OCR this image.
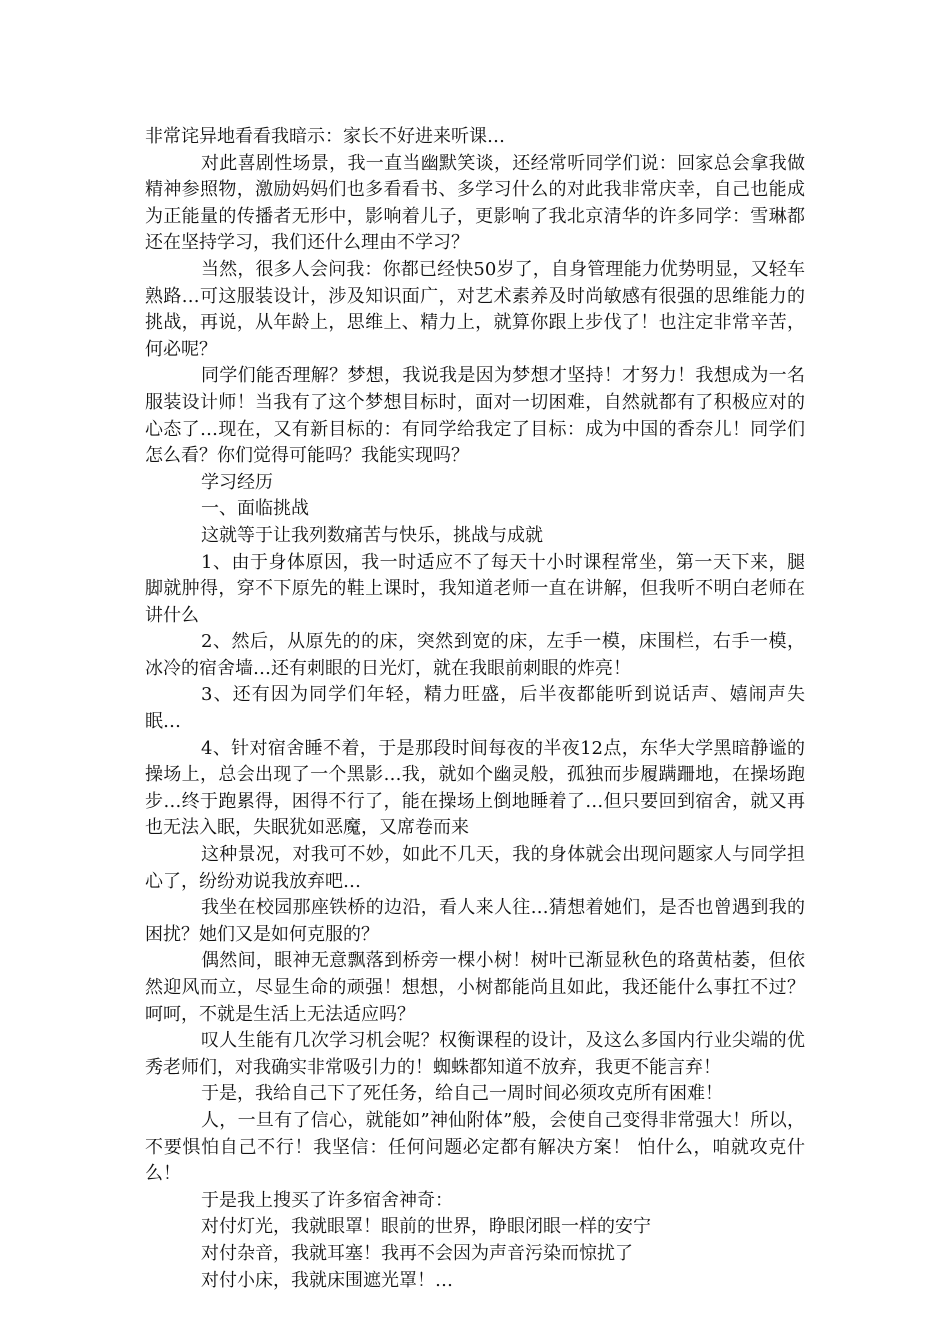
非常诧异地看看我暗示：家长不好进来听课…

对此喜剧性场景，我一直当幽默笑谈，还经常听同学们说：回家总会拿我做精神参照物，激励妈妈们也多看看书、多学习什么的对此我非常庆幸，自己也能成为正能量的传播者无形中，影响着儿子，更影响了我北京清华的许多同学：雪琳都还在坚持学习，我们还什么理由不学习？

当然，很多人会问我：你都已经快50岁了，自身管理能力优势明显，又轻车熟路…可这服装设计，涉及知识面广，对艺术素养及时尚敏感有很强的思维能力的挑战，再说，从年龄上，思维上、精力上，就算你跟上步伐了！也注定非常辛苦，何必呢？

同学们能否理解？梦想，我说我是因为梦想才坚持！才努力！我想成为一名服装设计师！当我有了这个梦想目标时，面对一切困难，自然就都有了积极应对的心态了…现在，又有新目标的：有同学给我定了目标：成为中国的香奈儿！同学们怎么看？你们觉得可能吗？我能实现吗？

学习经历

一、面临挑战

这就等于让我列数痛苦与快乐，挑战与成就

1、由于身体原因，我一时适应不了每天十小时课程常坐，第一天下来，腿脚就肿得，穿不下原先的鞋上课时，我知道老师一直在讲解，但我听不明白老师在讲什么

2、然后，从原先的的床，突然到宽的床，左手一模，床围栏，右手一模，冰冷的宿舍墙…还有刺眼的日光灯，就在我眼前刺眼的炸亮！

3、还有因为同学们年轻，精力旺盛，后半夜都能听到说话声、嬉闹声失眠…

4、针对宿舍睡不着，于是那段时间每夜的半夜12点，东华大学黑暗静谧的操场上，总会出现了一个黑影…我，就如个幽灵般，孤独而步履蹒跚地，在操场跑步…终于跑累得，困得不行了，能在操场上倒地睡着了…但只要回到宿舍，就又再也无法入眠，失眠犹如恶魔，又席卷而来

这种景况，对我可不妙，如此不几天，我的身体就会出现问题家人与同学担心了，纷纷劝说我放弃吧…

我坐在校园那座铁桥的边沿，看人来人往…猜想着她们，是否也曾遇到我的困扰？她们又是如何克服的？

偶然间，眼神无意飘落到桥旁一棵小树！树叶已渐显秋色的珞黄枯萎，但依然迎风而立，尽显生命的顽强！想想，小树都能尚且如此，我还能什么事扛不过？呵呵，不就是生活上无法适应吗？

叹人生能有几次学习机会呢？权衡课程的设计，及这么多国内行业尖端的优秀老师们，对我确实非常吸引力的！蜘蛛都知道不放弃，我更不能言弃！

于是，我给自己下了死任务，给自己一周时间必须攻克所有困难！

人，一旦有了信心，就能如”神仙附体”般，会使自己变得非常强大！所以，不要惧怕自己不行！我坚信：任何问题必定都有解决方案！ 怕什么，咱就攻克什么！

于是我上搜买了许多宿舍神奇：

对付灯光，我就眼罩！眼前的世界，睁眼闭眼一样的安宁

对付杂音，我就耳塞！我再不会因为声音污染而惊扰了

对付小床，我就床围遮光罩！…
